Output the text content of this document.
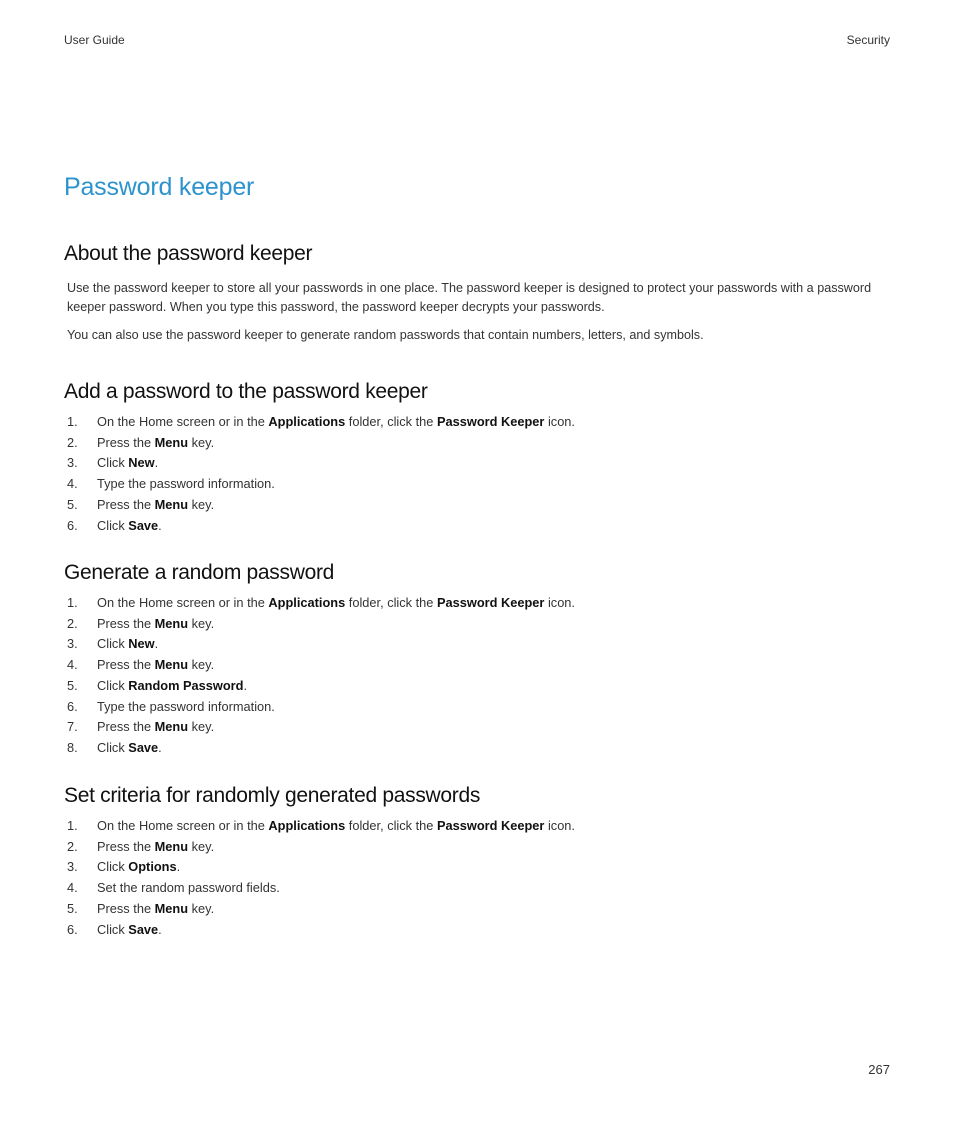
User Guide	Security
Password keeper
About the password keeper

Use the password keeper to store all your passwords in one place. The password keeper is designed to protect your passwords with a password keeper password. When you type this password, the password keeper decrypts your passwords.

You can also use the password keeper to generate random passwords that contain numbers, letters, and symbols.

Add a password to the password keeper
1.	On the Home screen or in the Applications folder, click the Password Keeper icon.
2.	Press the Menu key.
3.	Click New.
4.	Type the password information.
5.	Press the Menu key.
6.	Click Save.
Generate a random password
1.	On the Home screen or in the Applications folder, click the Password Keeper icon.
2.	Press the Menu key.
3.	Click New.
4.	Press the Menu key.
5.	Click Random Password.
6.	Type the password information.
7.	Press the Menu key.
8.	Click Save.
Set criteria for randomly generated passwords
1.	On the Home screen or in the Applications folder, click the Password Keeper icon.
2.	Press the Menu key.
3.	Click Options.
4.	Set the random password fields.
5.	Press the Menu key.
6.	Click Save.
267
